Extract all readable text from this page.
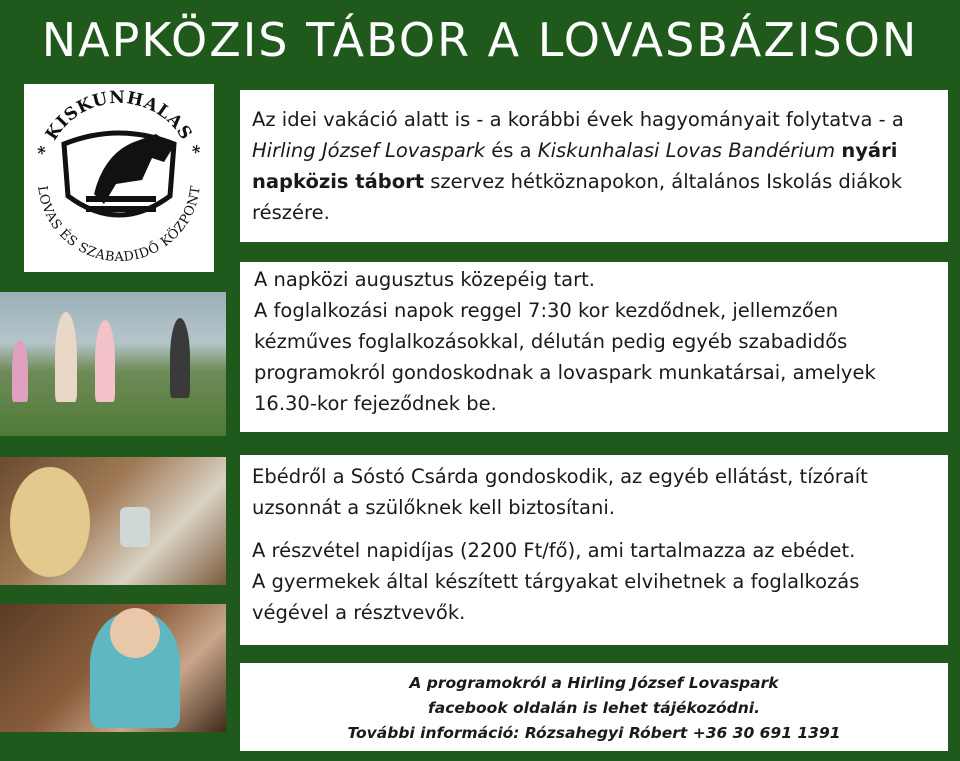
NAPKÖZIS TÁBOR A LOVASBÁZISON
* KISKUNHALAS *
LOVAS ÉS SZABADIDŐ KÖZPONT

Az idei vakáció alatt is - a korábbi évek hagyományait folytatva - a Hirling József Lovaspark és a Kiskunhalasi Lovas Bandérium nyári napközis tábort szervez hétköznapokon, általános Iskolás diákok részére.

A napközi augusztus közepéig tart.

A foglalkozási napok reggel 7:30 kor kezdődnek, jellemzően kézműves foglalkozásokkal, délután pedig egyéb szabadidős programokról gondoskodnak a lovaspark munkatársai, amelyek 16.30-kor fejeződnek be.

Ebédről a Sóstó Csárda gondoskodik, az egyéb ellátást, tízóraít uzsonnát a szülőknek kell biztosítani.

A részvétel napidíjas (2200 Ft/fő), ami tartalmazza az ebédet.

A gyermekek által készített tárgyakat elvihetnek a foglalkozás végével a résztvevők.

A programokról a Hirling József Lovaspark

facebook oldalán is lehet tájékozódni.

További információ: Rózsahegyi Róbert +36 30 691 1391
